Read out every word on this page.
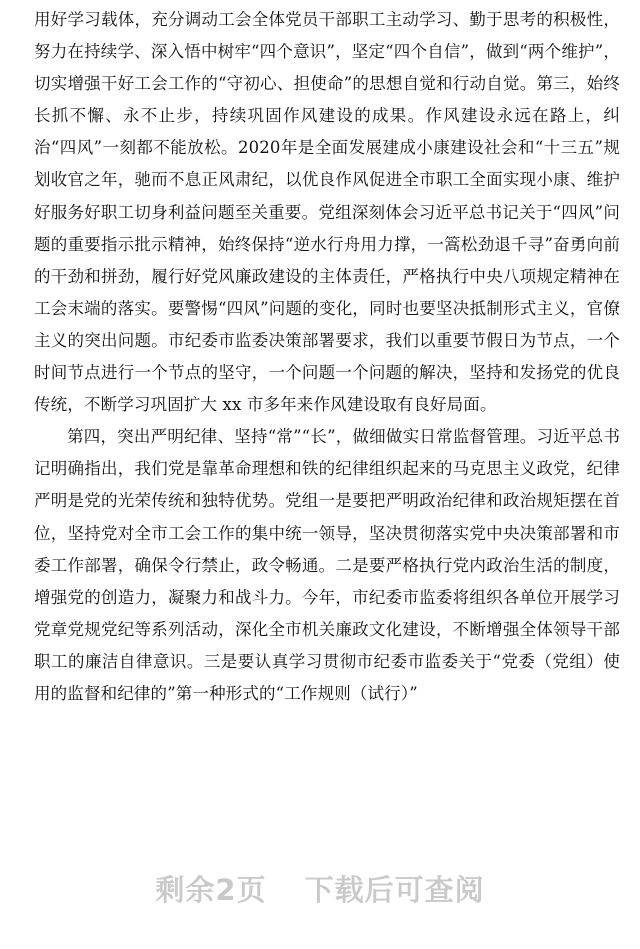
用好学习载体，充分调动工会全体党员干部职工主动学习、勤于思考的积极性，努力在持续学、深入悟中树牢“四个意识”，坚定“四个自信”，做到“两个维护”，切实增强干好工会工作的“守初心、担使命”的思想自觉和行动自觉。第三，始终长抓不懈、永不止步，持续巩固作风建设的成果。作风建设永远在路上，纠治“四风”一刻都不能放松。2020年是全面发展建成小康建设社会和“十三五”规划收官之年，驰而不息正风肃纪，以优良作风促进全市职工全面实现小康、维护好服务好职工切身利益问题至关重要。党组深刻体会习近平总书记关于“四风”问题的重要指示批示精神，始终保持“逆水行舟用力撑，一篙松劲退千寻”奋勇向前的干劲和拼劲，履行好党风廉政建设的主体责任，严格执行中央八项规定精神在工会末端的落实。要警惕“四风”问题的变化，同时也要坚决抵制形式主义，官僚主义的突出问题。市纪委市监委决策部署要求，我们以重要节假日为节点，一个时间节点进行一个节点的坚守，一个问题一个问题的解决，坚持和发扬党的优良传统，不断学习巩固扩大 xx 市多年来作风建设取有良好局面。

第四，突出严明纪律、坚持“常”“长”，做细做实日常监督管理。习近平总书记明确指出，我们党是靠革命理想和铁的纪律组织起来的马克思主义政党，纪律严明是党的光荣传统和独特优势。党组一是要把严明政治纪律和政治规矩摆在首位，坚持党对全市工会工作的集中统一领导，坚决贯彻落实党中央决策部署和市委工作部署，确保令行禁止，政令畅通。二是要严格执行党内政治生活的制度，增强党的创造力，凝聚力和战斗力。今年，市纪委市监委将组织各单位开展学习党章党规党纪等系列活动，深化全市机关廉政文化建设，不断增强全体领导干部职工的廉洁自律意识。三是要认真学习贯彻市纪委市监委关于“党委（党组）使用的监督和纪律的”第一种形式的“工作规则（试行）”

剩余2页 下载后可查阅
